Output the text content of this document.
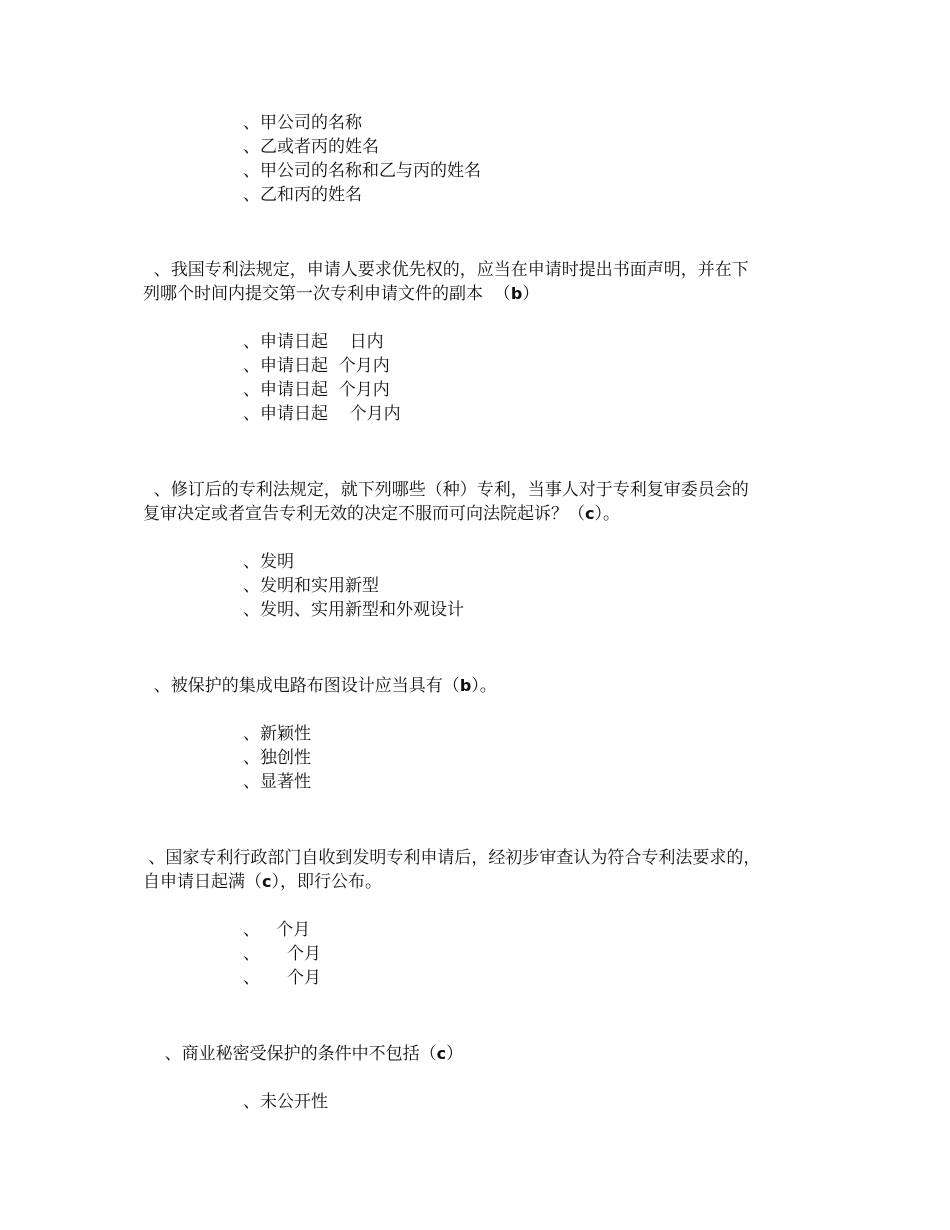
、甲公司的名称
、乙或者丙的姓名
、甲公司的名称和乙与丙的姓名
、乙和丙的姓名
、我国专利法规定，申请人要求优先权的，应当在申请时提出书面声明，并在下
列哪个时间内提交第一次专利申请文件的副本  （b）
、申请日起    日内
、申请日起  个月内
、申请日起  个月内
、申请日起    个月内
、修订后的专利法规定，就下列哪些（种）专利，当事人对于专利复审委员会的
复审决定或者宣告专利无效的决定不服而可向法院起诉？（c）。
、发明
、发明和实用新型
、发明、实用新型和外观设计
、被保护的集成电路布图设计应当具有（b）。
、新颖性
、独创性
、显著性
、国家专利行政部门自收到发明专利申请后，经初步审查认为符合专利法要求的，
自申请日起满（c），即行公布。
、   个月
、     个月
、     个月
、商业秘密受保护的条件中不包括（c）
、未公开性
